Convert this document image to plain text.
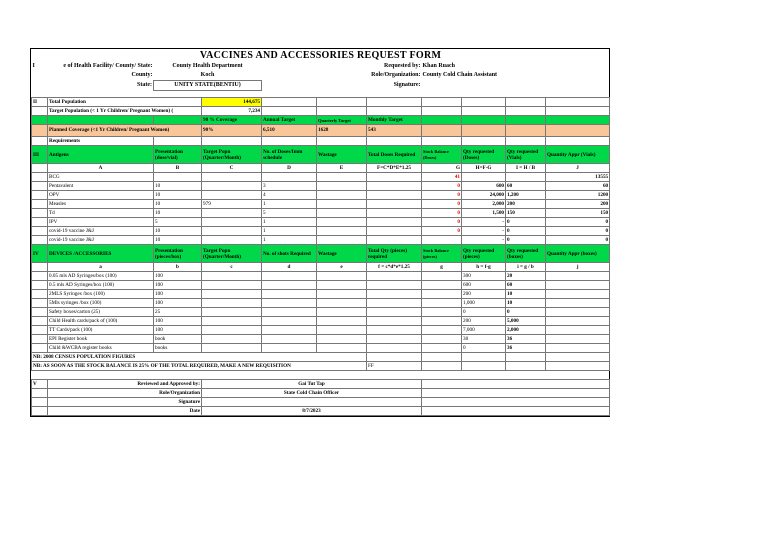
VACCINES AND ACCESSORIES REQUEST FORM										
I	e of Health Facility/ County/ State:	County Health Department		Requested by:			Khan Ruach			
	County:	Koch		Role/Organization:			County Cold Chain Assistant			
	State:	UNITY STATE(BENTIU)		Signature:						

II	Total Population		144,675							
	Target Population (< 1 Yr Children/ Pregnant Women) (		7,234							
			90 % Coverage	Annual Target	Quarterly Target	Monthly Target				
	Planned Coverage (<1 Yr Children/ Pregnant Women)		90%	6,510	1628	543				
	Requirements									
III	Antigens	Presentation (dose/vial)	Target Popn (Quarter/Month)	No. of Doses/Imm schedule	Wastage	Total Doses Required	Stock Balance (Doses)	Qty requested (Doses)	Qty requested (Vials)	Quantity Appr (Vials)
	A	B	C	D	E	F=C*D*E*1.25	G	H=F-G	I = H / B	J
	BCG						41			13555
	Pentavalent	10		3			0	600	60	60
	OPV	10		4			0	24,000	1,200	1200
	Measles	10	979	1			0	2,000	200	200
	Td	10		5			0	1,500	150	150
	IPV	5		1			0	-	0	0
	covid-19 vaccine J&J	10		1			0	-	0	0
	covid-19 vaccine J&J	10		1				-	0	0
IV	DEVICES /ACCESSORIES	Presentation (pieces/box)	Target Popn (Quarter/Month)	No. of shots Required	Wastage	Total Qty (pieces) required	Stock Balance (pieces)	Qty requested (pieces)	Qty requested (boxes)	Quantity Appr (boxes)
	a	b	c	d	e	f = c*d*e*1.25	g	h = f-g	i = g / b	j
	0.05 mls AD Syringes/box (100)	100						300	20	
	0.5 mls AD Syringes/box (100)	100						600	60	
	2MLS Syringes /box (100)	100						200	10	
	5Mls syringes /box (100)	100						1,000	10	
	Safety boxes/carton (25)	25						0	0	
	Child Health cards/pack of (100)	100						200	5,000	
	TT Cards/pack (100)	100						7,000	2,000	
	EPI Register book	book						30	36	
	Child &WCBA register books	books						0	36	
NB: 2008 CENSUS POPULATION FIGURES										
NB: AS SOON AS THE STOCK BALANCE IS 25% OF THE TOTAL REQUIRED, MAKE A NEW REQUISITION						FF				

V	Reviewed and Approved by:		Gai Tut Tap							
	Role/Organization		State Cold Chain Officer							
	Signature									
	Date		8/7/2023							
